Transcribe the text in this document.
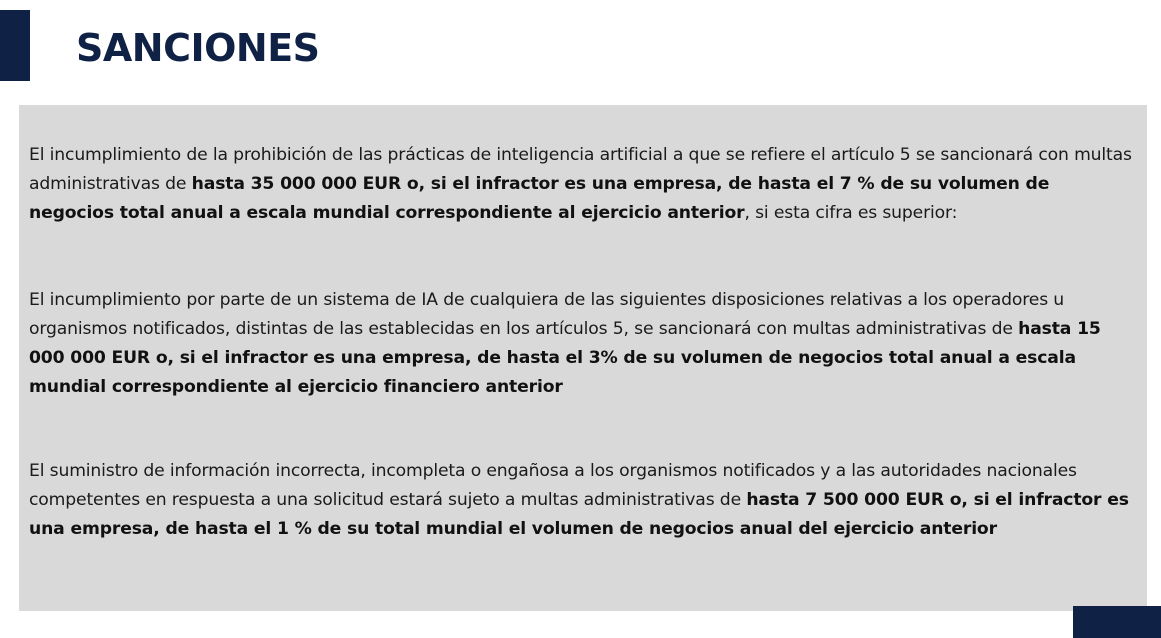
SANCIONES

El incumplimiento de la prohibición de las prácticas de inteligencia artificial a que se refiere el artículo 5 se sancionará con multas administrativas de hasta 35 000 000 EUR o, si el infractor es una empresa, de hasta el 7 % de su volumen de negocios total anual a escala mundial correspondiente al ejercicio anterior, si esta cifra es superior:

El incumplimiento por parte de un sistema de IA de cualquiera de las siguientes disposiciones relativas a los operadores u organismos notificados, distintas de las establecidas en los artículos 5, se sancionará con multas administrativas de hasta 15 000 000 EUR o, si el infractor es una empresa, de hasta el 3% de su volumen de negocios total anual a escala mundial correspondiente al ejercicio financiero anterior

El suministro de información incorrecta, incompleta o engañosa a los organismos notificados y a las autoridades nacionales competentes en respuesta a una solicitud estará sujeto a multas administrativas de hasta 7 500 000 EUR o, si el infractor es una empresa, de hasta el 1 % de su total mundial el volumen de negocios anual del ejercicio anterior
